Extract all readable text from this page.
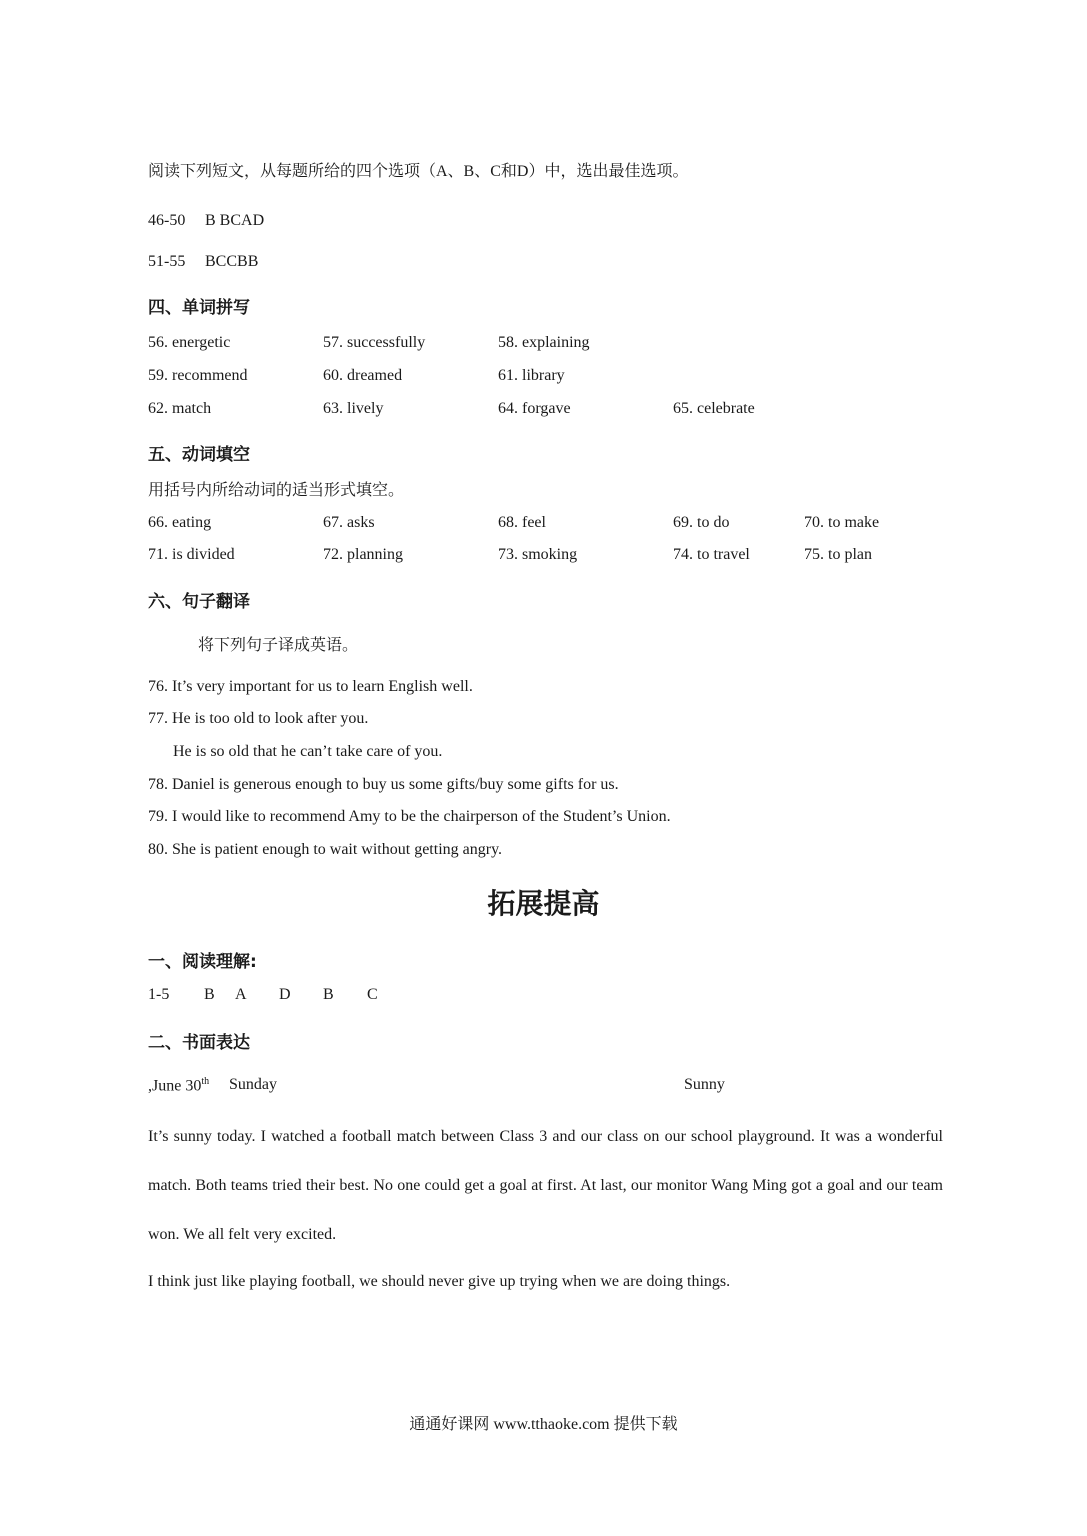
阅读下列短文，从每题所给的四个选项（A、B、C和D）中，选出最佳选项。
46-50 B BCAD
51-55 BCCBB
四、单词拼写
56. energetic	57. successfully	58. explaining
59. recommend	60. dreamed	61. library
62. match	63. lively	64. forgave	65. celebrate
五、动词填空
用括号内所给动词的适当形式填空。
66. eating	67. asks	68. feel	69. to do	70. to make
71. is divided	72. planning	73. smoking	74. to travel	75. to plan
六、句子翻译
将下列句子译成英语。
76. It’s very important for us to learn English well.
77. He is too old to look after you.
He is so old that he can’t take care of you.
78. Daniel is generous enough to buy us some gifts/buy some gifts for us.
79. I would like to recommend Amy to be the chairperson of the Student’s Union.
80. She is patient enough to wait without getting angry.
拓展提高
一、阅读理解:
1-5 B A D B C
二、书面表达
,June 30th Sunday	Sunny
It’s sunny today. I watched a football match between Class 3 and our class on our school playground. It was a wonderful match. Both teams tried their best. No one could get a goal at first. At last, our monitor Wang Ming got a goal and our team won. We all felt very excited.
I think just like playing football, we should never give up trying when we are doing things.
通通好课网 www.tthaoke.com 提供下载
